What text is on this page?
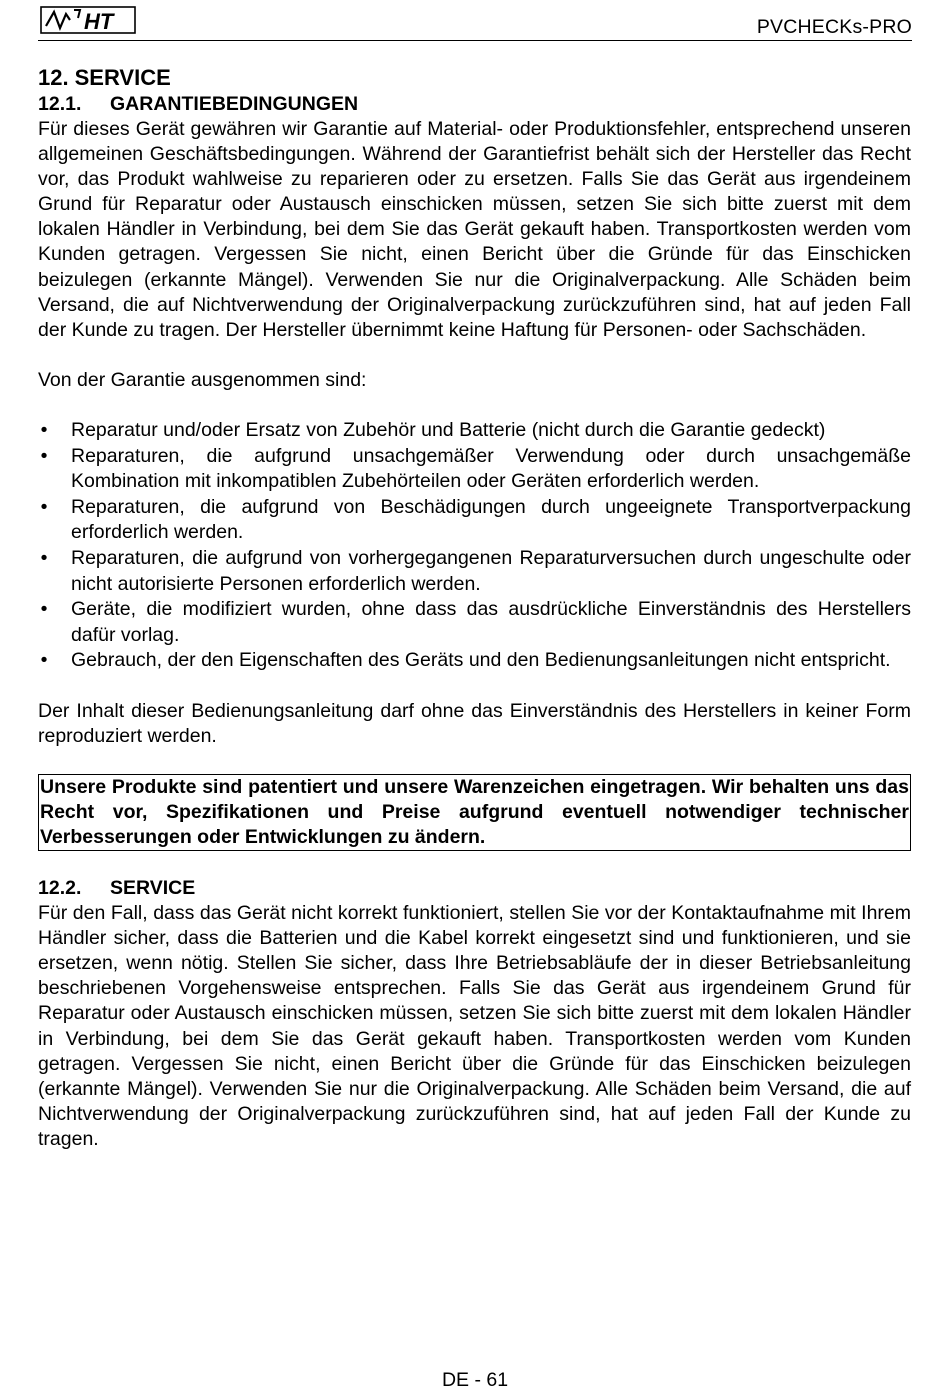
HT	PVCHECKs-PRO
12. SERVICE
12.1. GARANTIEBEDINGUNGEN

Für dieses Gerät gewähren wir Garantie auf Material- oder Produktionsfehler, entsprechend unseren allgemeinen Geschäftsbedingungen. Während der Garantiefrist behält sich der Hersteller das Recht vor, das Produkt wahlweise zu reparieren oder zu ersetzen. Falls Sie das Gerät aus irgendeinem Grund für Reparatur oder Austausch einschicken müssen, setzen Sie sich bitte zuerst mit dem lokalen Händler in Verbindung, bei dem Sie das Gerät gekauft haben. Transportkosten werden vom Kunden getragen. Vergessen Sie nicht, einen Bericht über die Gründe für das Einschicken beizulegen (erkannte Mängel). Verwenden Sie nur die Originalverpackung. Alle Schäden beim Versand, die auf Nichtverwendung der Originalverpackung zurückzuführen sind, hat auf jeden Fall der Kunde zu tragen. Der Hersteller übernimmt keine Haftung für Personen- oder Sachschäden.

Von der Garantie ausgenommen sind:

• Reparatur und/oder Ersatz von Zubehör und Batterie (nicht durch die Garantie gedeckt)
• Reparaturen, die aufgrund unsachgemäßer Verwendung oder durch unsachgemäße Kombination mit inkompatiblen Zubehörteilen oder Geräten erforderlich werden.
• Reparaturen, die aufgrund von Beschädigungen durch ungeeignete Transportverpackung erforderlich werden.
• Reparaturen, die aufgrund von vorhergegangenen Reparaturversuchen durch ungeschulte oder nicht autorisierte Personen erforderlich werden.
• Geräte, die modifiziert wurden, ohne dass das ausdrückliche Einverständnis des Herstellers dafür vorlag.
• Gebrauch, der den Eigenschaften des Geräts und den Bedienungsanleitungen nicht entspricht.

Der Inhalt dieser Bedienungsanleitung darf ohne das Einverständnis des Herstellers in keiner Form reproduziert werden.

Unsere Produkte sind patentiert und unsere Warenzeichen eingetragen. Wir behalten uns das Recht vor, Spezifikationen und Preise aufgrund eventuell notwendiger technischer Verbesserungen oder Entwicklungen zu ändern.
12.2. SERVICE

Für den Fall, dass das Gerät nicht korrekt funktioniert, stellen Sie vor der Kontaktaufnahme mit Ihrem Händler sicher, dass die Batterien und die Kabel korrekt eingesetzt sind und funktionieren, und sie ersetzen, wenn nötig. Stellen Sie sicher, dass Ihre Betriebsabläufe der in dieser Betriebsanleitung beschriebenen Vorgehensweise entsprechen. Falls Sie das Gerät aus irgendeinem Grund für Reparatur oder Austausch einschicken müssen, setzen Sie sich bitte zuerst mit dem lokalen Händler in Verbindung, bei dem Sie das Gerät gekauft haben. Transportkosten werden vom Kunden getragen. Vergessen Sie nicht, einen Bericht über die Gründe für das Einschicken beizulegen (erkannte Mängel). Verwenden Sie nur die Originalverpackung. Alle Schäden beim Versand, die auf Nichtverwendung der Originalverpackung zurückzuführen sind, hat auf jeden Fall der Kunde zu tragen.

DE - 61
